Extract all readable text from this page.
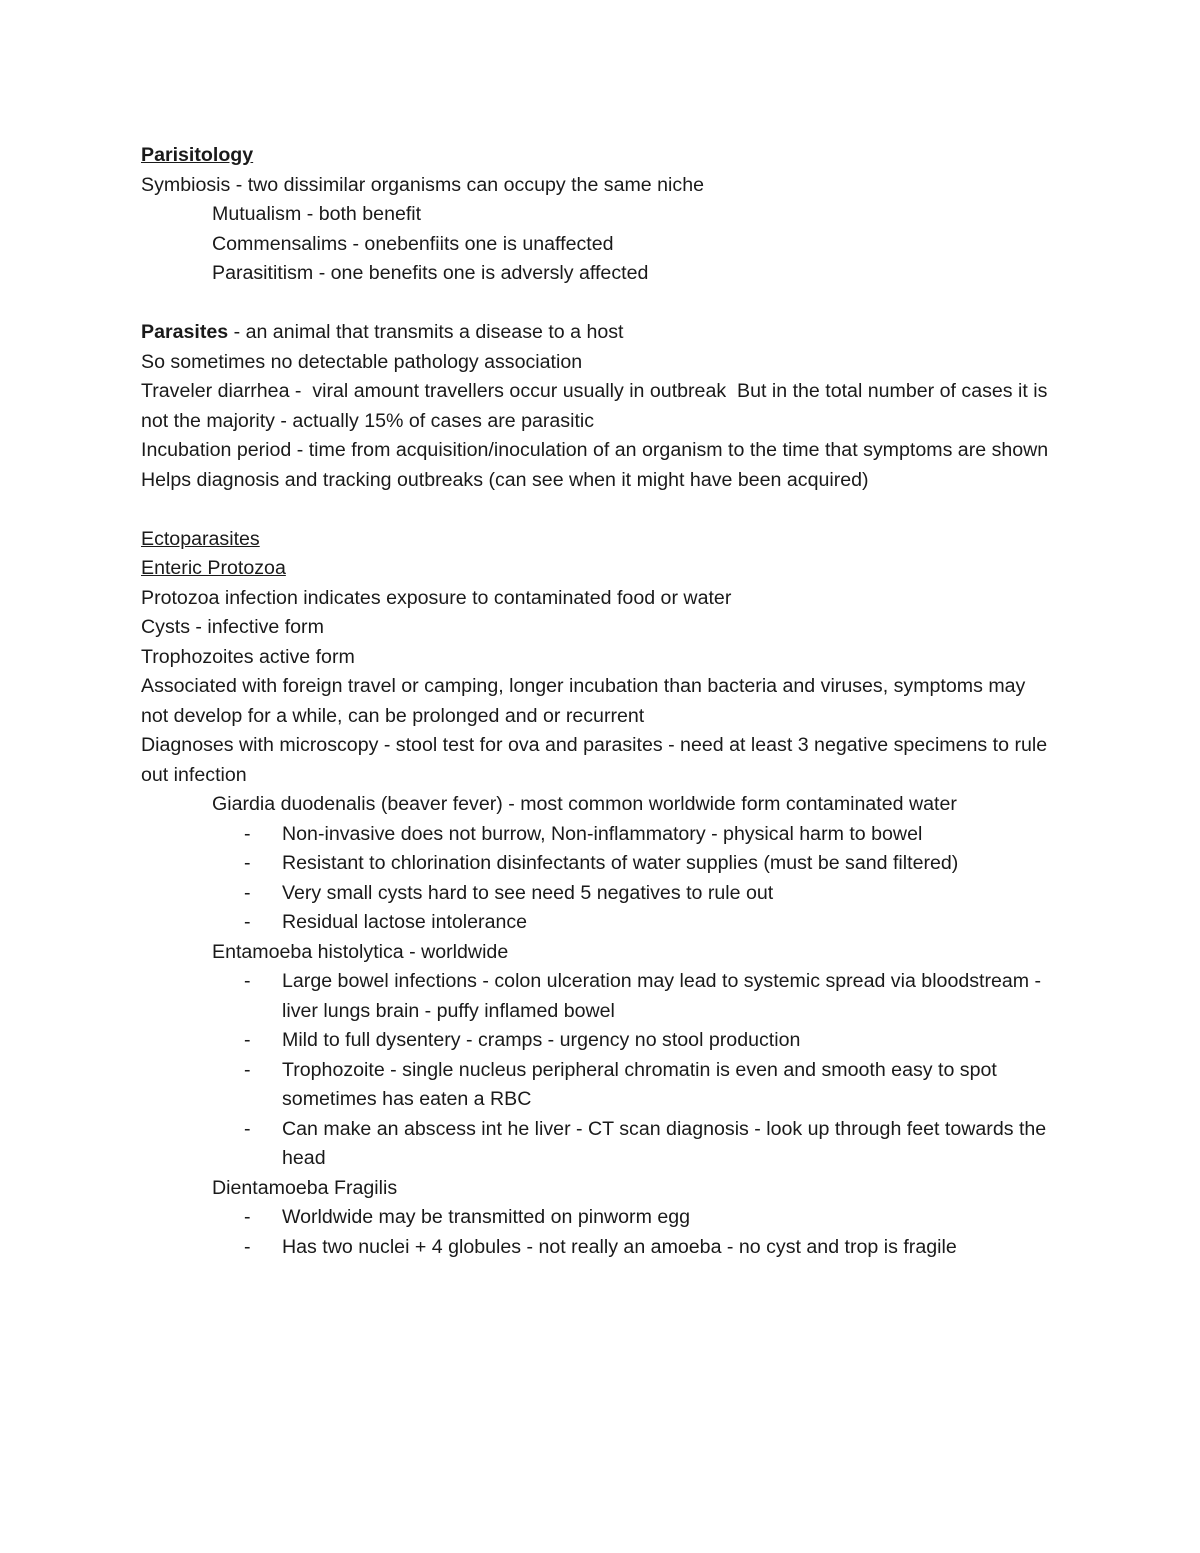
Parisitology
Symbiosis - two dissimilar organisms can occupy the same niche
Mutualism - both benefit
Commensalims - onebenfiits one is unaffected
Parasititism - one benefits one is adversly affected
Parasites - an animal that transmits a disease to a host
So sometimes no detectable pathology association
Traveler diarrhea -  viral amount travellers occur usually in outbreak  But in the total number of cases it is not the majority - actually 15% of cases are parasitic
Incubation period - time from acquisition/inoculation of an organism to the time that symptoms are shown
Helps diagnosis and tracking outbreaks (can see when it might have been acquired)
Ectoparasites
Enteric Protozoa
Protozoa infection indicates exposure to contaminated food or water
Cysts - infective form
Trophozoites active form
Associated with foreign travel or camping, longer incubation than bacteria and viruses, symptoms may not develop for a while, can be prolonged and or recurrent
Diagnoses with microscopy - stool test for ova and parasites - need at least 3 negative specimens to rule out infection
Giardia duodenalis (beaver fever) - most common worldwide form contaminated water
- Non-invasive does not burrow, Non-inflammatory - physical harm to bowel
- Resistant to chlorination disinfectants of water supplies (must be sand filtered)
- Very small cysts hard to see need 5 negatives to rule out
- Residual lactose intolerance
Entamoeba histolytica - worldwide
- Large bowel infections - colon ulceration may lead to systemic spread via bloodstream - liver lungs brain - puffy inflamed bowel
- Mild to full dysentery - cramps - urgency no stool production
- Trophozoite - single nucleus peripheral chromatin is even and smooth easy to spot sometimes has eaten a RBC
- Can make an abscess int he liver - CT scan diagnosis - look up through feet towards the head
Dientamoeba Fragilis
- Worldwide may be transmitted on pinworm egg
- Has two nuclei + 4 globules - not really an amoeba - no cyst and trop is fragile
